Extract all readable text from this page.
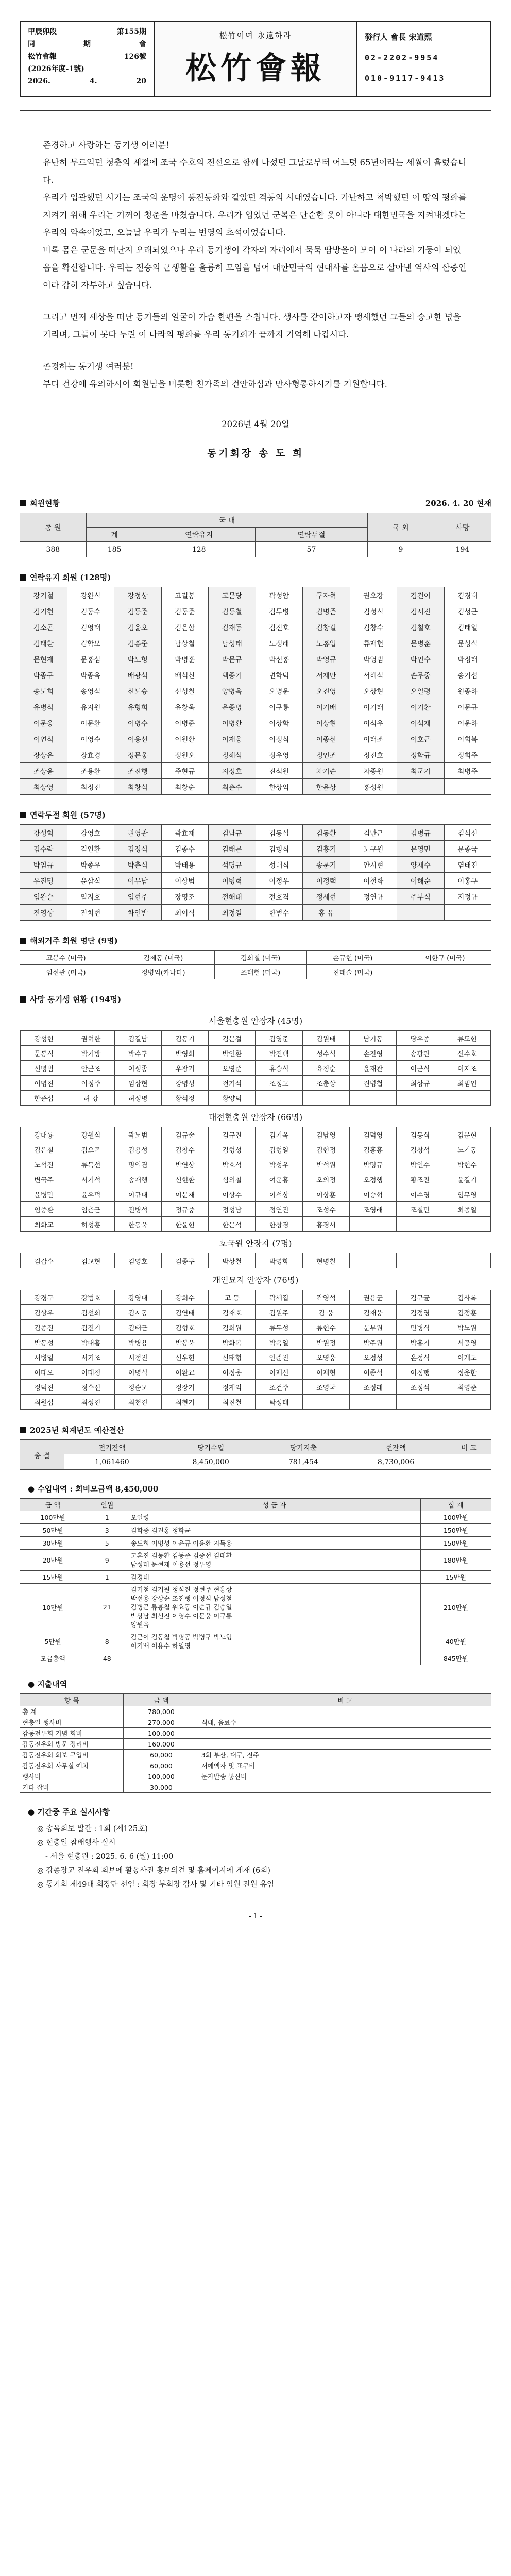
甲辰卯段	第155期
同	期	會
松竹會報	126號
(2026年度-1號)
2026.	4.	20
松竹이여 永遠하라
松竹會報
發行人 會長 宋道熙
02-2202-9954
010-9117-9413

존경하고 사랑하는 동기생 여러분!
유난히 무르익던 청춘의 계절에 조국 수호의 전선으로 함께 나섰던 그날로부터 어느덧 65년이라는 세월이 흘렀습니다.
우리가 입관했던 시기는 조국의 운명이 풍전등화와 같았던 격동의 시대였습니다. 가난하고 척박했던 이 땅의 평화를 지켜기 위해 우리는 기꺼이 청춘을 바쳤습니다. 우리가 입었던 군복은 단순한 옷이 아니라 대한민국을 지켜내겠다는 우리의 약속이었고, 오늘날 우리가 누리는 번영의 초석이었습니다.
비록 몸은 군문을 떠난지 오래되었으나 우리 동기생이 각자의 자리에서 묵묵 땀방울이 모여 이 나라의 기둥이 되었음을 확신합니다. 우리는 전승의 군생활을 훌륭히 모임을 넘어 대한민국의 현대사를 온몸으로 살아낸 역사의 산증인이라 감히 자부하고 싶습니다.

그리고 먼저 세상을 떠난 동기들의 얼굴이 가슴 한편을 스칩니다. 생사를 같이하고자 맹세했던 그들의 숭고한 넋을 기리며, 그들이 못다 누린 이 나라의 평화를 우리 동기회가 끝까지 기억해 나갑시다.

존경하는 동기생 여러분!
부디 건강에 유의하시어 회원님을 비롯한 친가족의 건안하심과 만사형통하시기를 기원합니다.

2026년 4월 20일
동기회장 송 도 희
회원현황	2026. 4. 20 현재
총 원	국 내			국 외	사망
	계	연락유지	연락두절		
388	185	128	57	9	194
연락유지 회원 (128명)
강기철	강완식	강정상	고길봉	고문당	곽성암	구자혁	권오강	김건이	김경태
김기현	김동수	김동준	김동준	김동철	김두병	김명준	김성식	김서진	김성근
김소곤	김영태	김윤오	김은삼	김재동	김진호	김창길	김창수	김철호	김태일
김태환	김학모	김홍준	남상철	남성태	노정래	노홍업	류재헌	문병훈	문성식
문현재	문홍심	박노형	박명훈	박문규	박선홍	박영규	박영범	박인수	박정태
박종구	박종옥	배광석	배석신	백종기	변학덕	서재만	서해식	손무중	송기섭
송도희	송영식	신도승	신성철	양병욱	오명운	오진영	오상현	오일령	원종하
유병식	유지원	유형희	유창욱	은종명	이구룡	이기배	이기태	이기환	이문규
이문웅	이문환	이병수	이병준	이병환	이상학	이상현	이석우	이석재	이운하
이연식	이영수	이용선	이원환	이재웅	이정식	이종선	이태조	이호근	이회복
장상은	장효경	정문웅	정원오	정해석	정우영	정인조	정진호	정학규	정희주
조상윤	조용환	조진행	주현규	지정호	진석원	차기순	차종원	최군기	최병주
최상영	최정진	최창식	최창순	최춘수	한상익	한윤상	홍성원		
연락두절 회원 (57명)
강성혁	강영호	권영관	곽효재	김남규	김동섭	김동환	김만근	김병규	김석신
김수락	김인환	김정식	김종수	김태문	김형식	김흥기	노구원	문영민	문종국
박임규	박종우	박춘식	박태용	석명규	성대식	송문기	안시현	양재수	염태진
우진명	윤삼식	이무남	이상범	이병혁	이정우	이정택	이철화	이해순	이홍구
임완순	임지호	임현주	장영조	전해태	전호겸	정세현	정연규	주부식	지정규
진영상	진치현	차인반	최이식	최정길	한범수	홍 유			
해외거주 회원 명단 (9명)
고봉수 (미국)	김제동 (미국)	김희철 (미국)	손규현 (미국)	이한구 (미국)
임선관 (미국)	정병익(카나다)	조태헌 (미국)	진태술 (미국)	
사망 동기생 현황 (194명)
서울현충원 안장자 (45명)
강성현	권혁한	김길남	김동기	김문걸	김영준	김원태	남기동	당우종	류도현
문동식	박기방	박수구	박영희	박인환	박진택	성수식	손진영	송광관	신수호
신명범	안근조	여성종	우장기	오영준	유승식	육정순	윤재관	이근식	이지조
이명진	이정주	임상현	장명성	전기석	조정고	조춘상	진병철	최상규	최범인
한준섭	허 강	허성명	황석정	황양덕					
대전현충원 안장자 (66명)
강대룡	강원식	곽노범	김규술	김규진	김기옥	김남영	김덕영	김동식	김문현
김은철	김오곤	김용성	김창수	김형성	김형일	김현정	김홍흥	김창석	노기동
노석진	류득선	명익겸	박연상	박효석	박성우	박석원	박명규	박인수	박현수
변국주	서기석	송재행	신현환	심의철	여운홍	오의정	오정행	황조진	윤길기
윤병만	윤우덕	이규대	이문재	이상수	이석상	이상훈	이승혁	이수영	임무영
임중환	임춘근	전병석	정규중	정성남	정연진	조성수	조영래	조철민	최종일
최화교	허성훈	한동욱	한윤현	한문석	한창경	홍경서			
호국원 안장자 (7명)
김갑수	김교현	김영호	김종구	박상철	박영화	현병칠			
개인묘지 안장자 (76명)
강경구	강범호	강영대	강희수	고 등	곽세집	곽영석	권용군	김규균	김사록
김상우	김선희	김시동	김연태	김재호	김원주	김 웅	김재웅	김정영	김정훈
김종진	김진기	김태근	김형호	김희원	류두성	류현수	문부원	민병식	박노원
박동성	박대흠	박병용	박봉욱	박화복	박옥일	박원정	박주원	박홍기	서공영
서병일	서기조	서정진	신우현	신태형	안준진	오영웅	오정성	온정식	이계도
이대오	이대정	이명식	이완교	이정웅	이재신	이재형	이종석	이정행	정운한
정덕진	정수신	정순모	정장기	정재익	조건주	조영국	조정래	조정석	최영준
최원섭	최성진	최천진	최현기	최진철	탁성태				
2025년 회계년도 예산결산
총 결	전기잔액	당기수입	당기지출	현잔액	비 고
	1,061460	8,450,000	781,454	8,730,006	
● 수입내역 : 회비모금액 8,450,000
금 액	인원	성 금 자	합 계
100만원	1	오일령	100만원
50만원	3	김학중 김진홍 정학균	150만원
30만원	5	송도희 이명성 이윤규 이윤환 지득용	150만원
20만원	9	고혼진 김동환 김동준 김중선 김태환
남성태 문현재 이용선 정우영	180만원
15만원	1	김경태	15만원
10만원	21	김기철 김기원 정석진 정현주 현홍상
박선용 장상순 조진행 이정식 남성철
김병곤 류흥철 위효동 이순규 김승일
박상남 최선진 이영수 이문웅 이규룡
양원옥	210만원
5만원	8	김근이 김동철 박명공 박병구 박노형
이기배 이용수 하일영	40만원
모금총액	48		845만원
● 지출내역
항 목	금 액	비 고
총 계	780,000	
현충일 행사비	270,000	식대, 음료수
감동전우회 기념 회비	100,000	
감동전우회 방문 정리비	160,000	
감동전우회 회보 구입비	60,000	3회 부산, 대구, 전주
감동전우회 사무실 예치	60,000	서예액자 및 표구비
행사비	100,000	문자발송 통신비
기타 잡비	30,000	
● 기간중 주요 실시사항
◎ 송옥회보 발간 : 1회 (제125호)
◎ 현충일 참배행사 실시
- 서울 현충원 : 2025. 6. 6 (월) 11:00
◎ 갑종장교 전우회 회보에 활동사진 홍보의견 및 홈페이지에 게재 (6회)
◎ 동기회 제49대 회장단 선임 : 회장 부회장 감사 및 기타 임원 전원 유임
- 1 -
